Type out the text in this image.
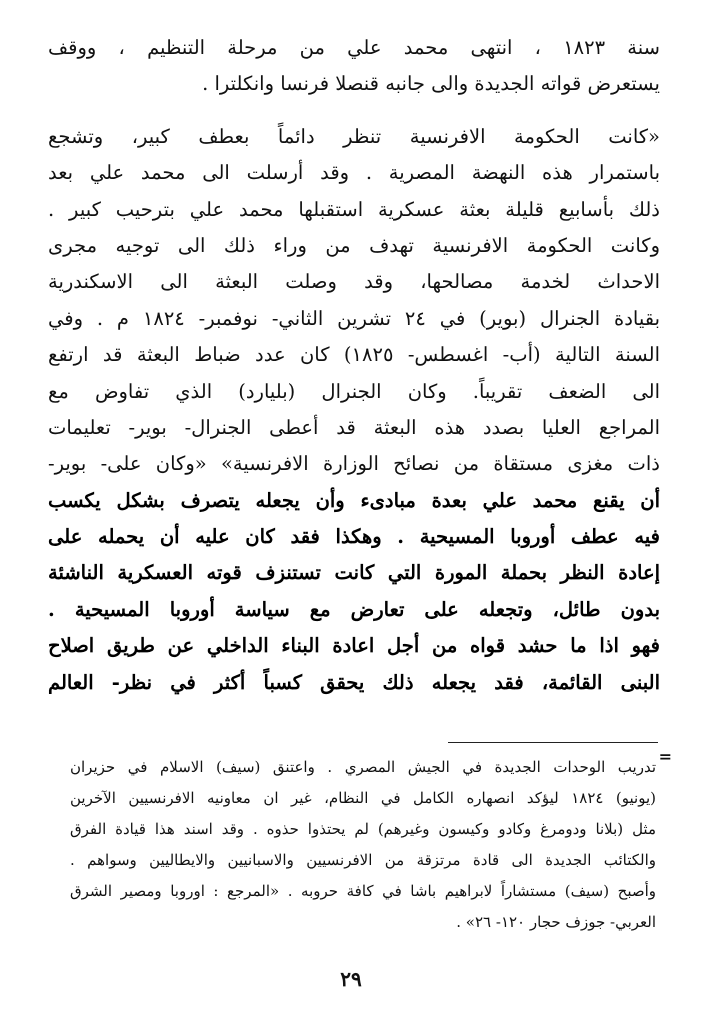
سنة ١٨٢٣ ، انتهى محمد علي من مرحلة التنظيم ، ووقف
يستعرض قواته الجديدة والى جانبه قنصلا فرنسا وانكلترا .
«كانت الحكومة الافرنسية تنظر دائماً بعطف كبير، وتشجع
باستمرار هذه النهضة المصرية . وقد أرسلت الى محمد علي بعد
ذلك بأسابيع قليلة بعثة عسكرية استقبلها محمد علي بترحيب كبير .
وكانت الحكومة الافرنسية تهدف من وراء ذلك الى توجيه مجرى
الاحداث لخدمة مصالحها، وقد وصلت البعثة الى الاسكندرية
بقيادة الجنرال (بوير) في ٢٤ تشرين الثاني- نوفمبر- ١٨٢٤ م . وفي
السنة التالية (أب- اغسطس- ١٨٢٥) كان عدد ضباط البعثة قد ارتفع
الى الضعف تقريباً. وكان الجنرال (بليارد) الذي تفاوض مع
المراجع العليا بصدد هذه البعثة قد أعطى الجنرال- بوير- تعليمات
ذات مغزى مستقاة من نصائح الوزارة الافرنسية» «وكان على- بوير-
أن يقنع محمد علي بعدة مبادىء وأن يجعله يتصرف بشكل يكسب
فيه عطف أوروبا المسيحية . وهكذا فقد كان عليه أن يحمله على
إعادة النظر بحملة المورة التي كانت تستنزف قوته العسكرية الناشئة
بدون طائل، وتجعله على تعارض مع سياسة أوروبا المسيحية .
فهو اذا ما حشد قواه من أجل اعادة البناء الداخلي عن طريق اصلاح
البنى القائمة، فقد يجعله ذلك يحقق كسباً أكثر في نظر- العالم
=
تدريب الوحدات الجديدة في الجيش المصري . واعتنق (سيف) الاسلام في حزيران
(يونيو) ١٨٢٤ ليؤكد انصهاره الكامل في النظام، غير ان معاونيه الافرنسيين الآخرين
مثل (بلانا ودومرغ وكادو وكيسون وغيرهم) لم يحتذوا حذوه . وقد اسند هذا قيادة الفرق
والكتائب الجديدة الى قادة مرتزقة من الافرنسيين والاسبانيين والايطاليين وسواهم .
وأصبح (سيف) مستشاراً لابراهيم باشا في كافة حروبه . «المرجع : اوروبا ومصير الشرق
العربي- جوزف حجار ١٢٠- ٢٦» .
٢٩
